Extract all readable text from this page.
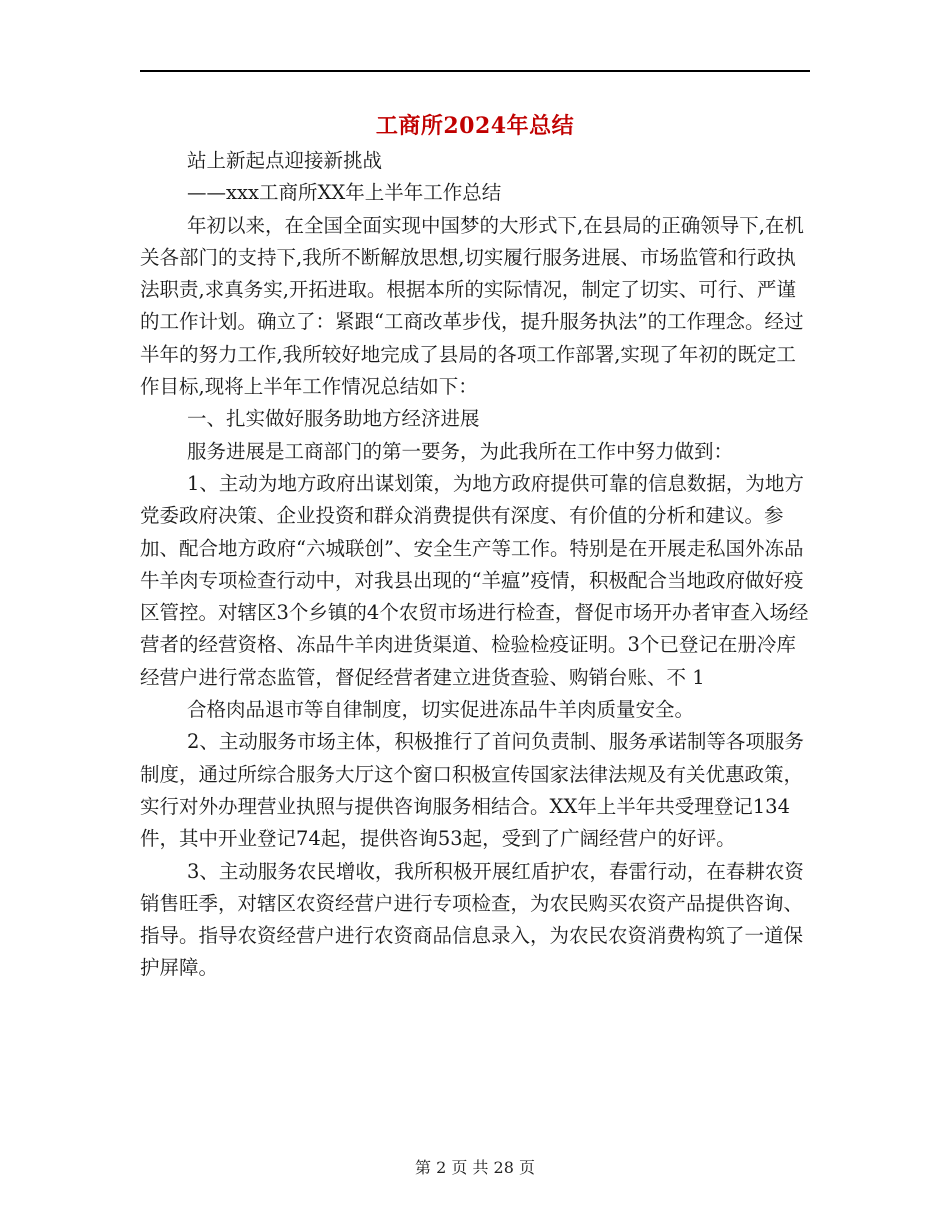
工商所2024年总结

站上新起点迎接新挑战

——xxx工商所XX年上半年工作总结

年初以来，在全国全面实现中国梦的大形式下,在县局的正确领导下,在机关各部门的支持下,我所不断解放思想,切实履行服务进展、市场监管和行政执法职责,求真务实,开拓进取。根据本所的实际情况，制定了切实、可行、严谨的工作计划。确立了：紧跟“工商改革步伐，提升服务执法”的工作理念。经过半年的努力工作,我所较好地完成了县局的各项工作部署,实现了年初的既定工作目标,现将上半年工作情况总结如下：

一、扎实做好服务助地方经济进展

服务进展是工商部门的第一要务，为此我所在工作中努力做到：

1、主动为地方政府出谋划策，为地方政府提供可靠的信息数据，为地方党委政府决策、企业投资和群众消费提供有深度、有价值的分析和建议。参加、配合地方政府“六城联创”、安全生产等工作。特别是在开展走私国外冻品牛羊肉专项检查行动中，对我县出现的“羊瘟”疫情，积极配合当地政府做好疫区管控。对辖区3个乡镇的4个农贸市场进行检查，督促市场开办者审查入场经营者的经营资格、冻品牛羊肉进货渠道、检验检疫证明。3个已登记在册冷库经营户进行常态监管，督促经营者建立进货查验、购销台账、不 1

合格肉品退市等自律制度，切实促进冻品牛羊肉质量安全。

2、主动服务市场主体，积极推行了首问负责制、服务承诺制等各项服务制度，通过所综合服务大厅这个窗口积极宣传国家法律法规及有关优惠政策，实行对外办理营业执照与提供咨询服务相结合。XX年上半年共受理登记134件，其中开业登记74起，提供咨询53起，受到了广阔经营户的好评。

3、主动服务农民增收，我所积极开展红盾护农，春雷行动，在春耕农资销售旺季，对辖区农资经营户进行专项检查，为农民购买农资产品提供咨询、指导。指导农资经营户进行农资商品信息录入，为农民农资消费构筑了一道保护屏障。

第 2 页 共 28 页
